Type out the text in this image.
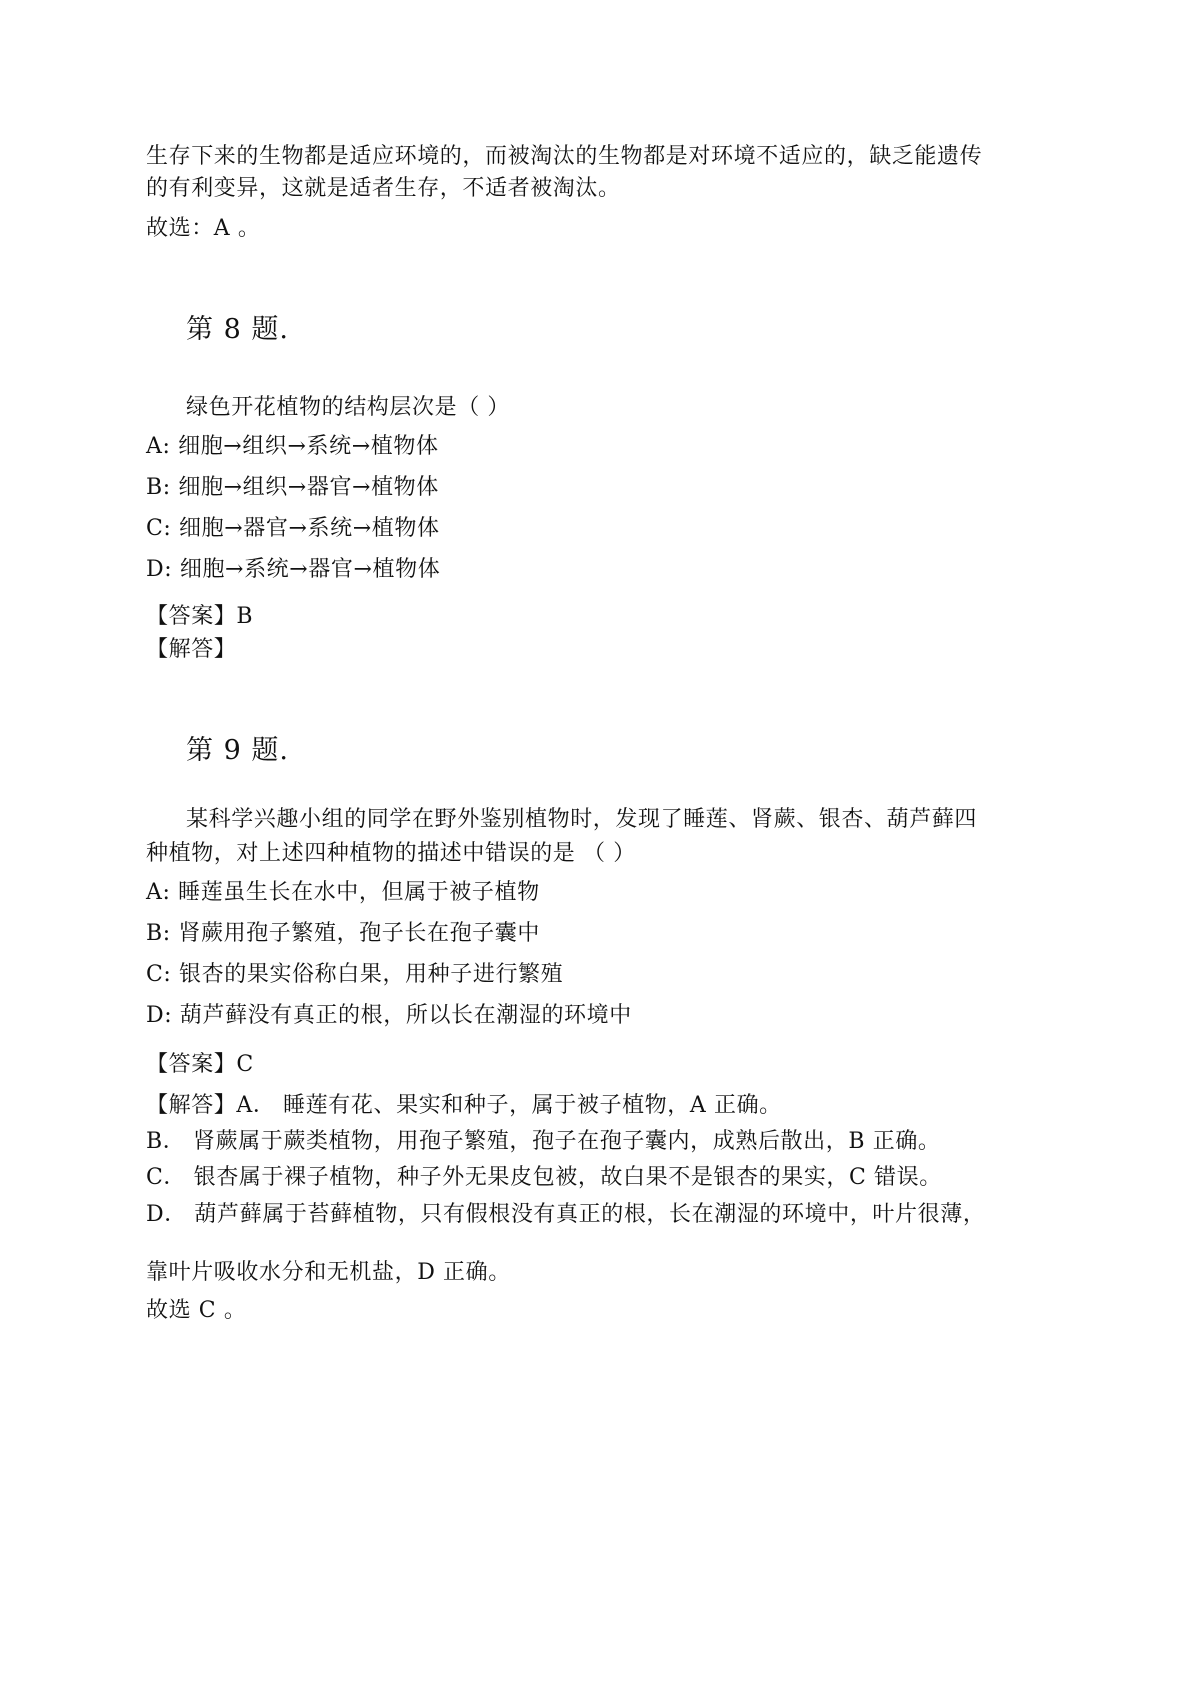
生存下来的生物都是适应环境的，而被淘汰的生物都是对环境不适应的，缺乏能遗传
的有利变异，这就是适者生存，不适者被淘汰。
故选：A 。
第 8 题.
绿色开花植物的结构层次是（ ）
A: 细胞→组织→系统→植物体
B: 细胞→组织→器官→植物体
C: 细胞→器官→系统→植物体
D: 细胞→系统→器官→植物体
【答案】B
【解答】
第 9 题.
某科学兴趣小组的同学在野外鉴别植物时，发现了睡莲、肾蕨、银杏、葫芦藓四
种植物，对上述四种植物的描述中错误的是 （ ）
A: 睡莲虽生长在水中，但属于被子植物
B: 肾蕨用孢子繁殖，孢子长在孢子囊中
C: 银杏的果实俗称白果，用种子进行繁殖
D: 葫芦藓没有真正的根，所以长在潮湿的环境中
【答案】C
【解答】A． 睡莲有花、果实和种子，属于被子植物，A 正确。
B． 肾蕨属于蕨类植物，用孢子繁殖，孢子在孢子囊内，成熟后散出，B 正确。
C． 银杏属于裸子植物，种子外无果皮包被，故白果不是银杏的果实，C 错误。
D． 葫芦藓属于苔藓植物，只有假根没有真正的根，长在潮湿的环境中，叶片很薄，
靠叶片吸收水分和无机盐，D 正确。
故选 C 。
